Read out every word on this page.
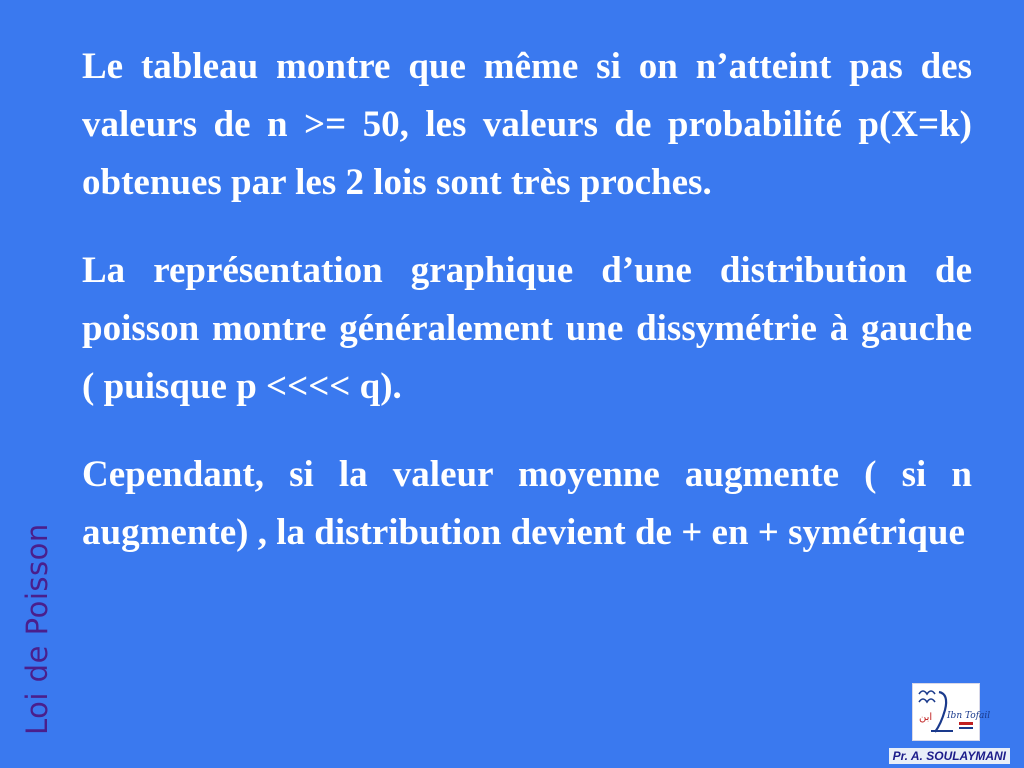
Le tableau montre que même si on n’atteint pas des valeurs de n >= 50, les valeurs de probabilité p(X=k) obtenues par les 2 lois sont très proches.

La représentation graphique d’une distribution de poisson montre généralement une dissymétrie à gauche ( puisque p <<<< q).

Cependant, si la valeur moyenne augmente ( si n augmente) , la distribution devient de + en + symétrique

Loi de Poisson	ﺍﺑﻦ Ibn Tofail
Pr. A. SOULAYMANI
